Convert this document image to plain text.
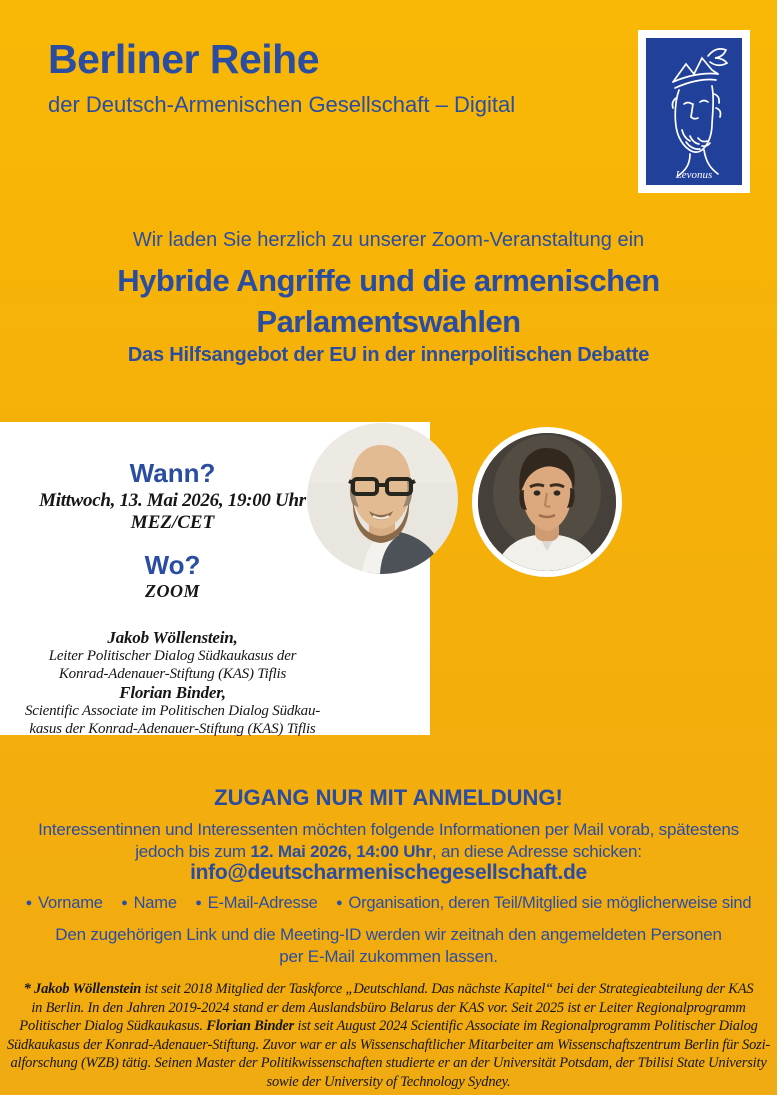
Berliner Reihe
der Deutsch-Armenischen Gesellschaft – Digital
Levonus
Wir laden Sie herzlich zu unserer Zoom-Veranstaltung ein
Hybride Angriffe und die armenischen
Parlamentswahlen
Das Hilfsangebot der EU in der innerpolitischen Debatte
Wann?
Mittwoch, 13. Mai 2026, 19:00 Uhr
MEZ/CET
Wo?
ZOOM
Jakob Wöllenstein,
Leiter Politischer Dialog Südkaukasus der
Konrad-Adenauer-Stiftung (KAS) Tiflis
Florian Binder,
Scientific Associate im Politischen Dialog Südkau-
kasus der Konrad-Adenauer-Stiftung (KAS) Tiflis
ZUGANG NUR MIT ANMELDUNG!
Interessentinnen und Interessenten möchten folgende Informationen per Mail vorab, spätestens
jedoch bis zum 12. Mai 2026, 14:00 Uhr, an diese Adresse schicken:
info@deutscharmenischegesellschaft.de
● Vorname ● Name ● E-Mail-Adresse ● Organisation, deren Teil/Mitglied sie möglicherweise sind
Den zugehörigen Link und die Meeting-ID werden wir zeitnah den angemeldeten Personen
per E-Mail zukommen lassen.
* Jakob Wöllenstein ist seit 2018 Mitglied der Taskforce „Deutschland. Das nächste Kapitel“ bei der Strategieabteilung der KAS
in Berlin. In den Jahren 2019-2024 stand er dem Auslandsbüro Belarus der KAS vor. Seit 2025 ist er Leiter Regionalprogramm
Politischer Dialog Südkaukasus. Florian Binder ist seit August 2024 Scientific Associate im Regionalprogramm Politischer Dialog
Südkaukasus der Konrad-Adenauer-Stiftung. Zuvor war er als Wissenschaftlicher Mitarbeiter am Wissenschaftszentrum Berlin für Sozi-
alforschung (WZB) tätig. Seinen Master der Politikwissenschaften studierte er an der Universität Potsdam, der Tbilisi State University
sowie der University of Technology Sydney.
